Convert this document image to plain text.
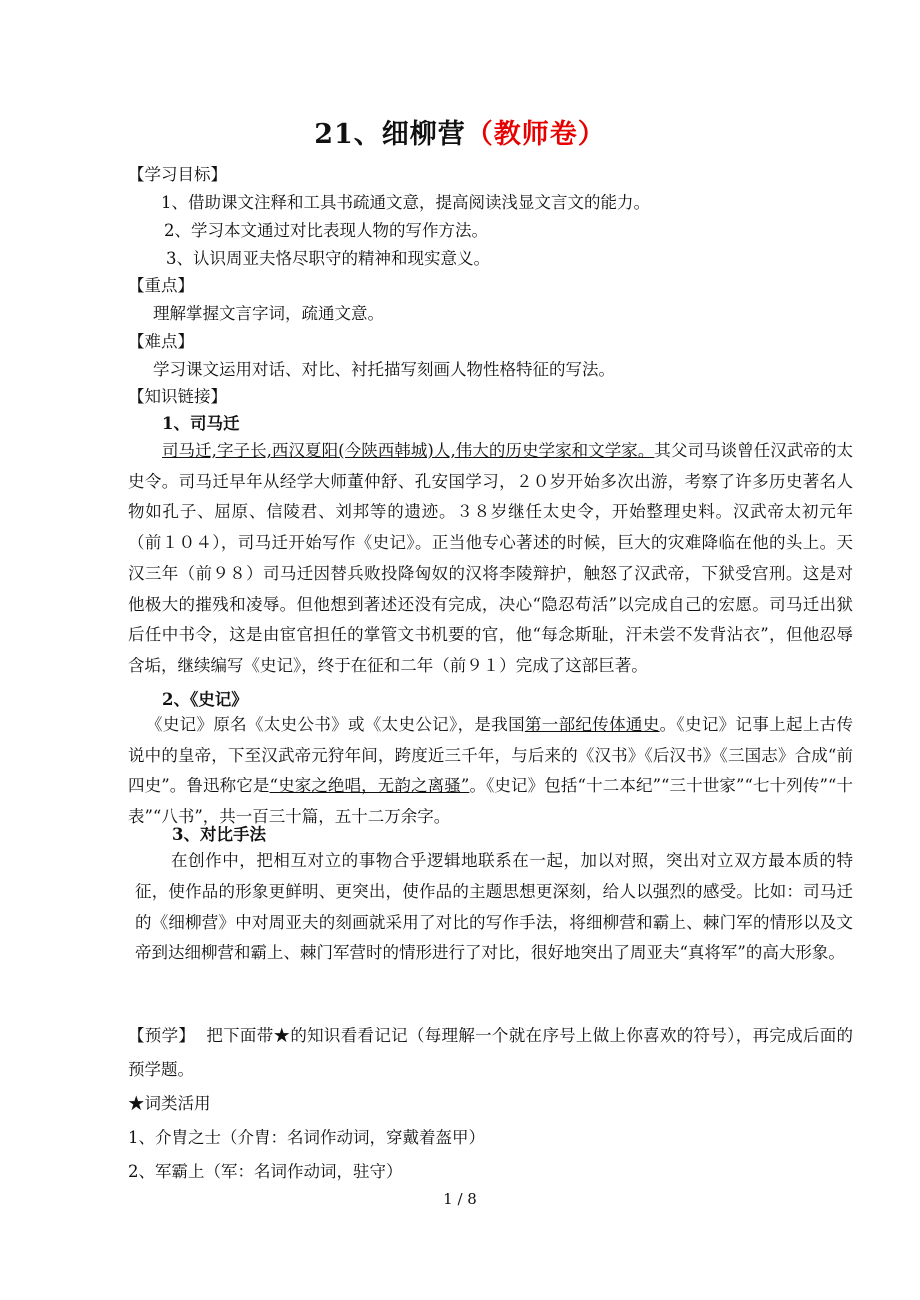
21、细柳营（教师卷）
【学习目标】
1、借助课文注释和工具书疏通文意，提高阅读浅显文言文的能力。
2、学习本文通过对比表现人物的写作方法。
3、认识周亚夫恪尽职守的精神和现实意义。
【重点】
理解掌握文言字词，疏通文意。
【难点】
学习课文运用对话、对比、衬托描写刻画人物性格特征的写法。
【知识链接】
1、司马迁
司马迁,字子长,西汉夏阳(今陕西韩城)人,伟大的历史学家和文学家。其父司马谈曾任汉武帝的太史令。司马迁早年从经学大师董仲舒、孔安国学习，２０岁开始多次出游，考察了许多历史著名人物如孔子、屈原、信陵君、刘邦等的遗迹。３８岁继任太史令，开始整理史料。汉武帝太初元年（前１０４），司马迁开始写作《史记》。正当他专心著述的时候，巨大的灾难降临在他的头上。天汉三年（前９８）司马迁因替兵败投降匈奴的汉将李陵辩护，触怒了汉武帝，下狱受宫刑。这是对他极大的摧残和凌辱。但他想到著述还没有完成，决心“隐忍苟活”以完成自己的宏愿。司马迁出狱后任中书令，这是由宦官担任的掌管文书机要的官，他“每念斯耻，汗未尝不发背沾衣”，但他忍辱含垢，继续编写《史记》，终于在征和二年（前９１）完成了这部巨著。
2、《史记》
《史记》原名《太史公书》或《太史公记》，是我国第一部纪传体通史。《史记》记事上起上古传说中的皇帝，下至汉武帝元狩年间，跨度近三千年，与后来的《汉书》《后汉书》《三国志》合成“前四史”。鲁迅称它是“史家之绝唱，无韵之离骚”。《史记》包括“十二本纪”“三十世家”“七十列传”“十表”“八书”，共一百三十篇，五十二万余字。
3、对比手法
在创作中，把相互对立的事物合乎逻辑地联系在一起，加以对照，突出对立双方最本质的特征，使作品的形象更鲜明、更突出，使作品的主题思想更深刻，给人以强烈的感受。比如：司马迁的《细柳营》中对周亚夫的刻画就采用了对比的写作手法，将细柳营和霸上、棘门军的情形以及文帝到达细柳营和霸上、棘门军营时的情形进行了对比，很好地突出了周亚夫“真将军”的高大形象。
【预学】 把下面带★的知识看看记记（每理解一个就在序号上做上你喜欢的符号），再完成后面的预学题。
★词类活用
1、介胄之士（介胄：名词作动词，穿戴着盔甲）
2、军霸上（军：名词作动词，驻守）
1 / 8
